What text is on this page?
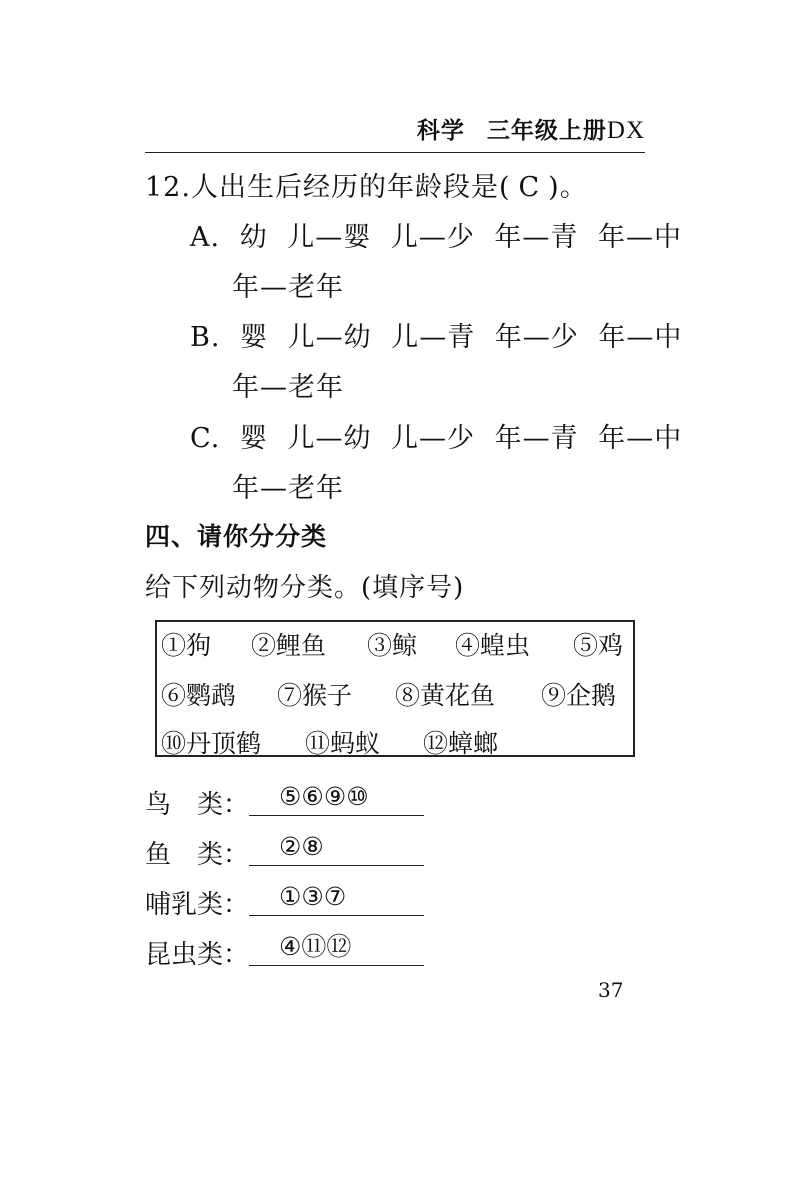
科学 三年级上册DX
12.人出生后经历的年龄段是( C )。
A. 幼 儿—婴 儿—少 年—青 年—中
年—老年
B. 婴 儿—幼 儿—青 年—少 年—中
年—老年
C. 婴 儿—幼 儿—少 年—青 年—中
年—老年
四、请你分分类
给下列动物分类。(填序号)
①狗 ②鲤鱼 ③鲸 ④蝗虫 ⑤鸡
⑥鹦鹉 ⑦猴子 ⑧黄花鱼 ⑨企鹅
⑩丹顶鹤 ⑪蚂蚁 ⑫蟑螂
鸟　类：	⑤⑥⑨⑩
鱼　类：	②⑧
哺乳类：	①③⑦
昆虫类：	④⑪⑫
37
